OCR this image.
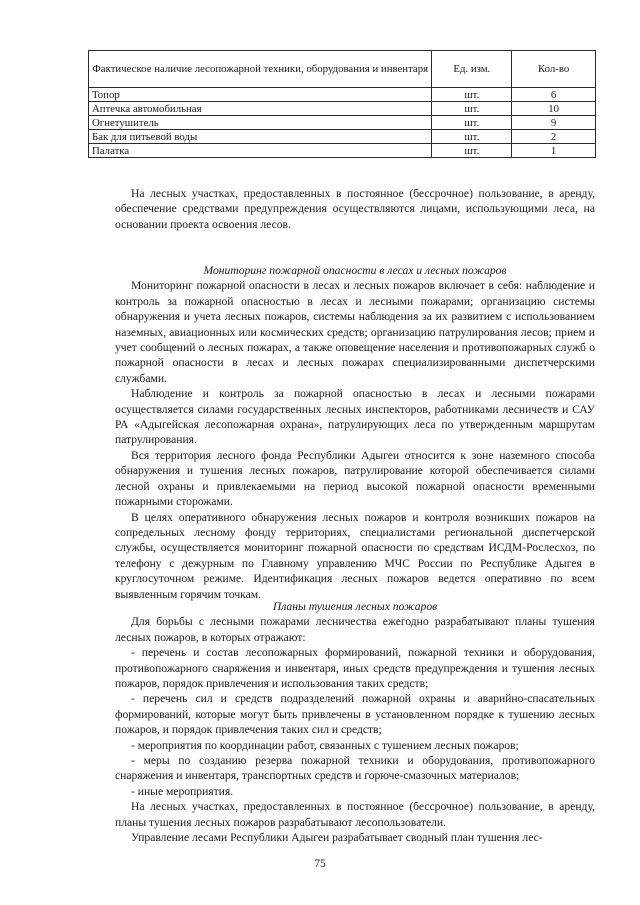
Фактическое наличие лесопожарной техники, оборудования и инвентаря	Ед. изм.	Кол-во
Топор	шт.	6
Аптечка автомобильная	шт.	10
Огнетушитель	шт.	9
Бак для питьевой воды	шт.	2
Палатка	шт.	1

На лесных участках, предоставленных в постоянное (бессрочное) пользование, в аренду, обеспечение средствами предупреждения осуществляются лицами, использующими леса, на основании проекта освоения лесов.

Мониторинг пожарной опасности в лесах и лесных пожаров

Мониторинг пожарной опасности в лесах и лесных пожаров включает в себя: наблюдение и контроль за пожарной опасностью в лесах и лесными пожарами; организацию системы обнаружения и учета лесных пожаров, системы наблюдения за их развитием с использованием наземных, авиационных или космических средств; организацию патрулирования лесов; прием и учет сообщений о лесных пожарах, а также оповещение населения и противопожарных служб о пожарной опасности в лесах и лесных пожарах специализированными диспетчерскими службами.

Наблюдение и контроль за пожарной опасностью в лесах и лесными пожарами осуществляется силами государственных лесных инспекторов, работниками лесничеств и САУ РА «Адыгейская лесопожарная охрана», патрулирующих леса по утвержденным маршрутам патрулирования.

Вся территория лесного фонда Республики Адыгеи относится к зоне наземного способа обнаружения и тушения лесных пожаров, патрулирование которой обеспечивается силами лесной охраны и привлекаемыми на период высокой пожарной опасности временными пожарными сторожами.

В целях оперативного обнаружения лесных пожаров и контроля возникших пожаров на сопредельных лесному фонду территориях, специалистами региональной диспетчерской службы, осуществляется мониторинг пожарной опасности по средствам ИСДМ-Рослесхоз, по телефону с дежурным по Главному управлению МЧС России по Республике Адыгея в круглосуточном режиме. Идентификация лесных пожаров ведется оперативно по всем выявленным горячим точкам.

Планы тушения лесных пожаров

Для борьбы с лесными пожарами лесничества ежегодно разрабатывают планы тушения лесных пожаров, в которых отражают:

- перечень и состав лесопожарных формирований, пожарной техники и оборудования, противопожарного снаряжения и инвентаря, иных средств предупреждения и тушения лесных пожаров, порядок привлечения и использования таких средств;

- перечень сил и средств подразделений пожарной охраны и аварийно-спасательных формирований, которые могут быть привлечены в установленном порядке к тушению лесных пожаров, и порядок привлечения таких сил и средств;

- мероприятия по координации работ, связанных с тушением лесных пожаров;

- меры по созданию резерва пожарной техники и оборудования, противопожарного снаряжения и инвентаря, транспортных средств и горюче-смазочных материалов;

- иные мероприятия.

На лесных участках, предоставленных в постоянное (бессрочное) пользование, в аренду, планы тушения лесных пожаров разрабатывают лесопользователи.

Управление лесами Республики Адыгеи разрабатывает сводный план тушения лес-

75
